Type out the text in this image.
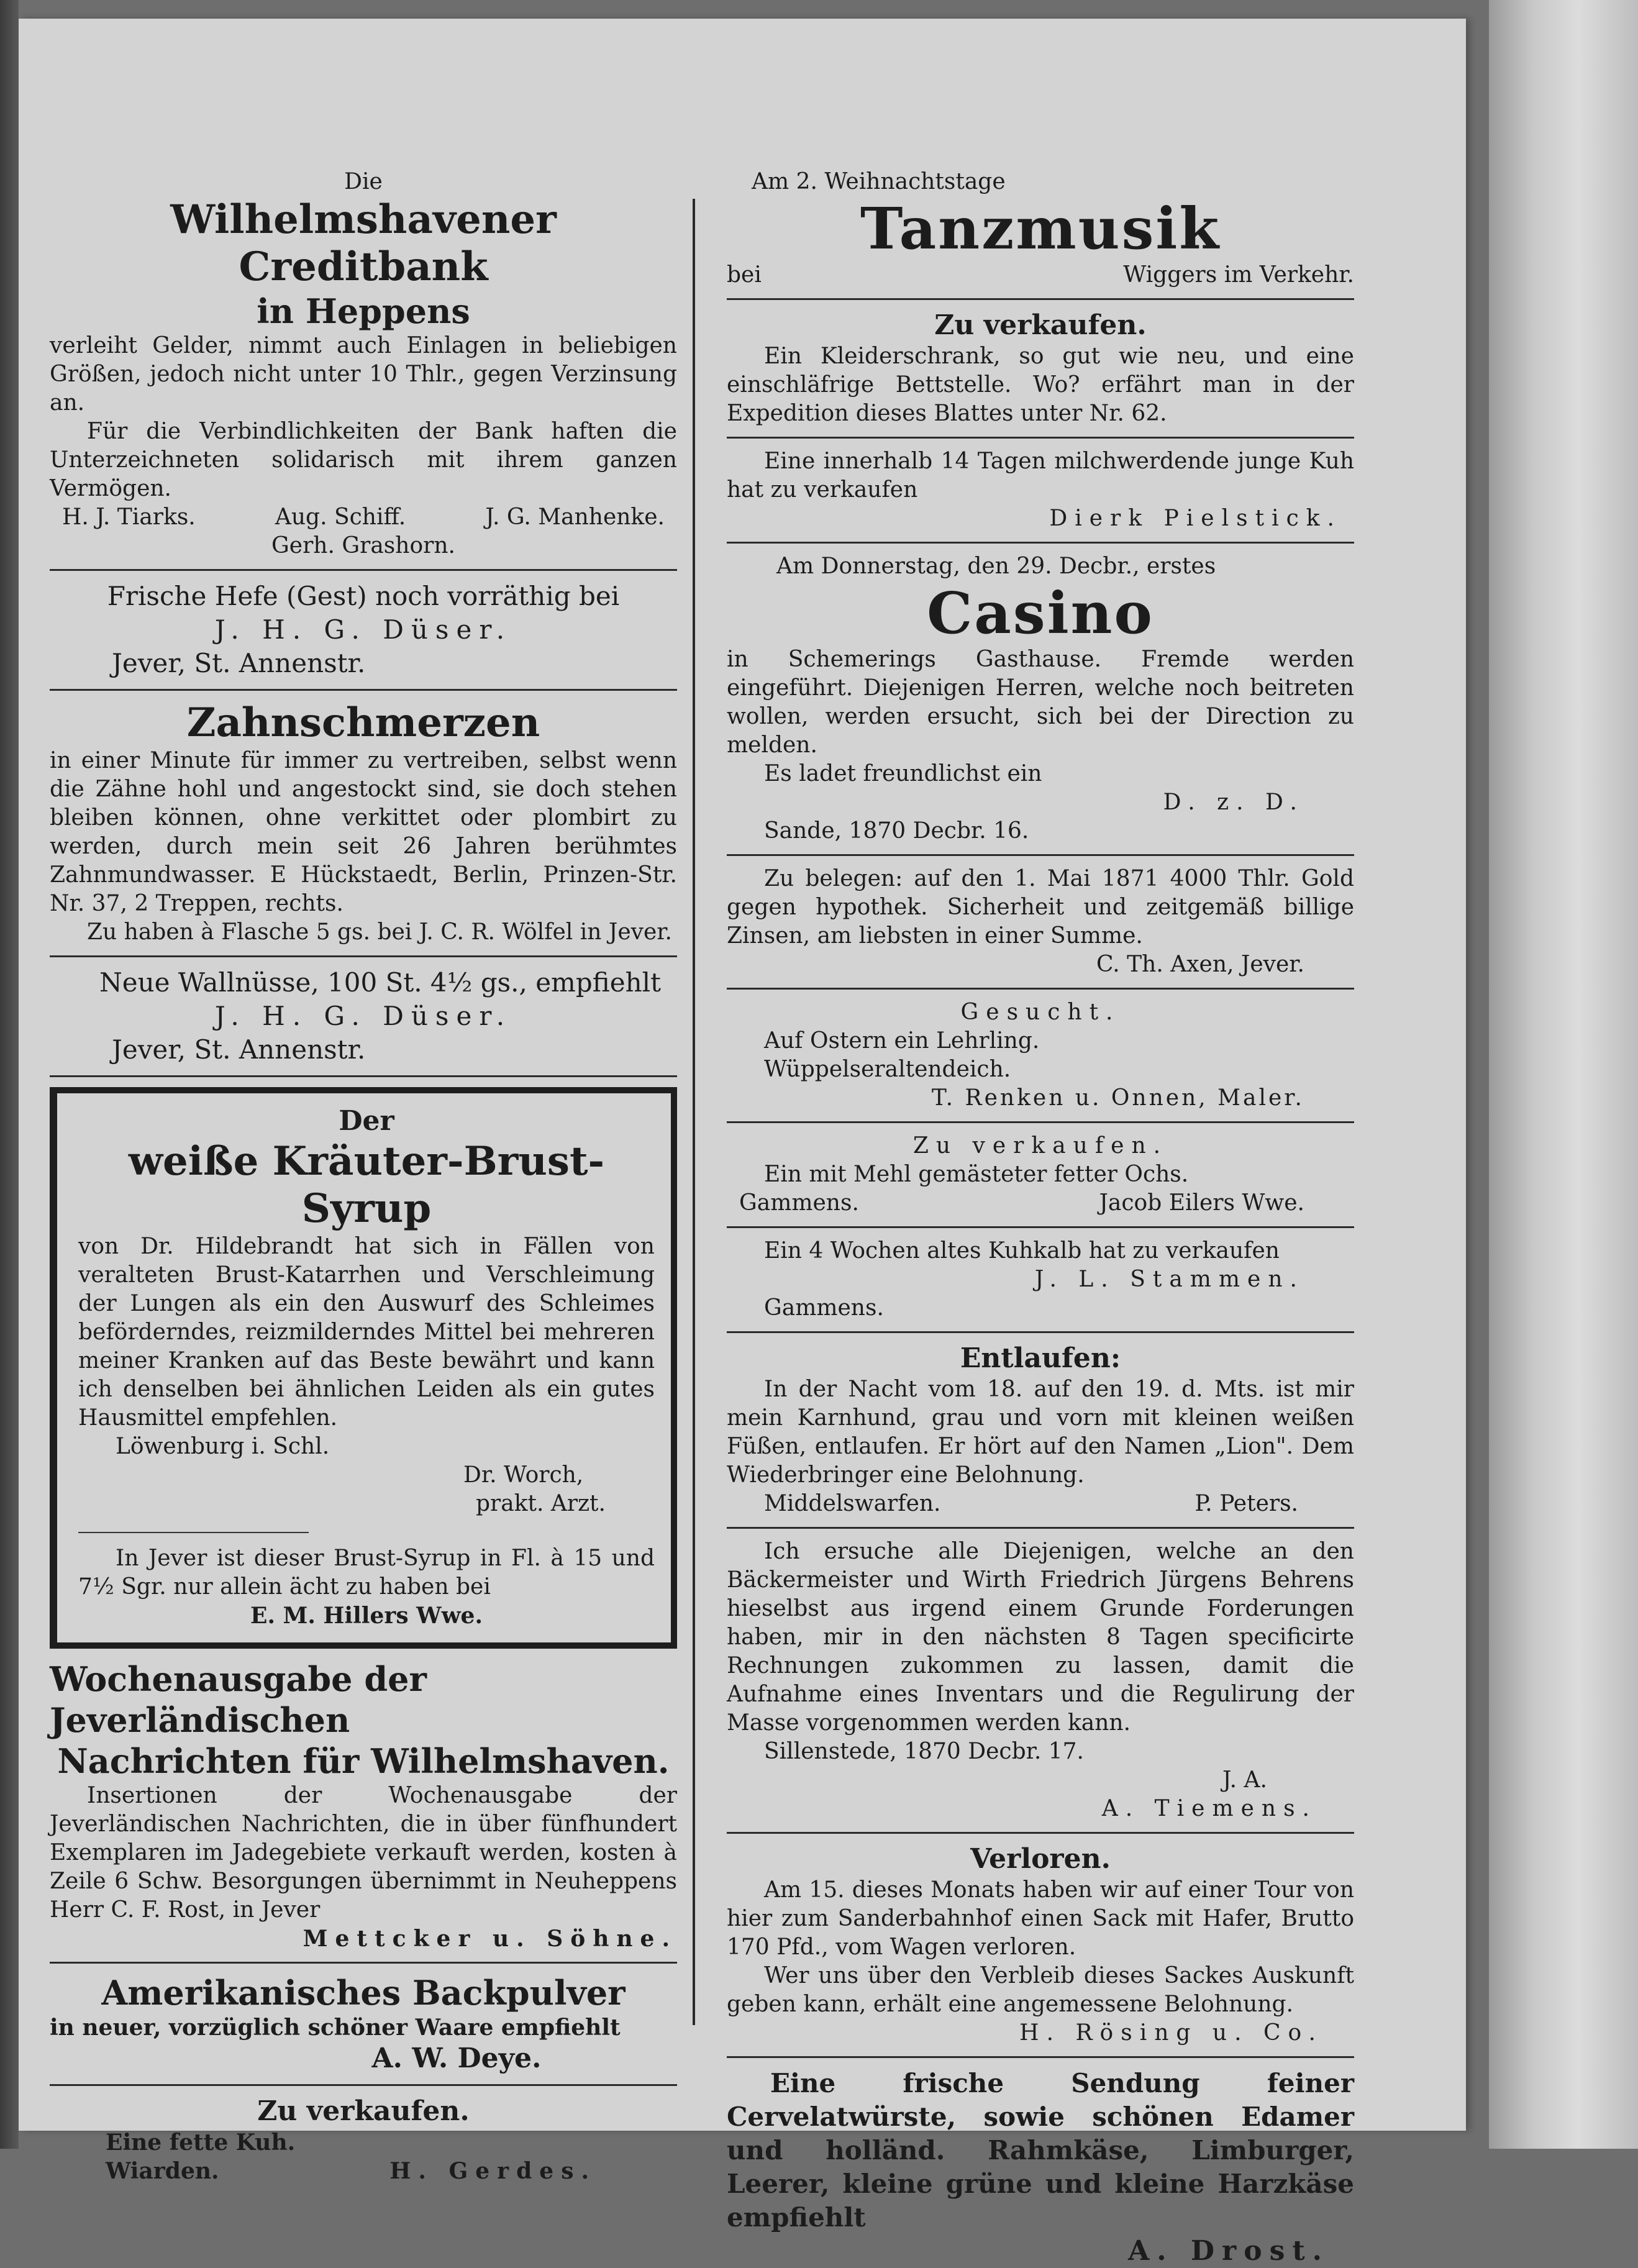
Die

Wilhelmshavener Creditbank

in Heppens

verleiht Gelder, nimmt auch Einlagen in beliebigen Größen, jedoch nicht unter 10 Thlr., gegen Verzinsung an.

Für die Verbindlichkeiten der Bank haften die Unterzeichneten solidarisch mit ihrem ganzen Vermögen.

H. J. Tiarks.	Aug. Schiff.	J. G. Manhenke.

Gerh. Grashorn.

Frische Hefe (Gest) noch vorräthig bei

J. H. G. Düser.

Jever, St. Annenstr.

Zahnschmerzen

in einer Minute für immer zu vertreiben, selbst wenn die Zähne hohl und angestockt sind, sie doch stehen bleiben können, ohne verkittet oder plombirt zu werden, durch mein seit 26 Jahren berühmtes Zahnmundwasser. E Hückstaedt, Berlin, Prinzen-Str. Nr. 37, 2 Treppen, rechts.

Zu haben à Flasche 5 gs. bei J. C. R. Wölfel in Jever.

Neue Wallnüsse, 100 St. 4½ gs., empfiehlt

J. H. G. Düser.

Jever, St. Annenstr.

Der

weiße Kräuter-Brust-

Syrup

von Dr. Hildebrandt hat sich in Fällen von veralteten Brust-Katarrhen und Verschleimung der Lungen als ein den Auswurf des Schleimes beförderndes, reizmilderndes Mittel bei mehreren meiner Kranken auf das Beste bewährt und kann ich denselben bei ähnlichen Leiden als ein gutes Hausmittel empfehlen.

Löwenburg i. Schl.

Dr. Worch,

prakt. Arzt.

In Jever ist dieser Brust-Syrup in Fl. à 15 und 7½ Sgr. nur allein ächt zu haben bei

E. M. Hillers Wwe.

Wochenausgabe der Jeverländischen

Nachrichten für Wilhelmshaven.

Insertionen der Wochenausgabe der Jeverländischen Nachrichten, die in über fünfhundert Exemplaren im Jadegebiete verkauft werden, kosten à Zeile 6 Schw. Besorgungen übernimmt in Neuheppens Herr C. F. Rost, in Jever

Mettcker u. Söhne.

Amerikanisches Backpulver

in neuer, vorzüglich schöner Waare empfiehlt

A. W. Deye.

Zu verkaufen.

Eine fette Kuh.

Wiarden.	H. Gerdes.

Am 2. Weihnachtstage

Tanzmusik

bei	Wiggers im Verkehr.

Zu verkaufen.

Ein Kleiderschrank, so gut wie neu, und eine einschläfrige Bettstelle. Wo? erfährt man in der Expedition dieses Blattes unter Nr. 62.

Eine innerhalb 14 Tagen milchwerdende junge Kuh hat zu verkaufen

Dierk Pielstick.

Am Donnerstag, den 29. Decbr., erstes

Casino

in Schemerings Gasthause. Fremde werden eingeführt. Diejenigen Herren, welche noch beitreten wollen, werden ersucht, sich bei der Direction zu melden.

Es ladet freundlichst ein

D. z. D.

Sande, 1870 Decbr. 16.

Zu belegen: auf den 1. Mai 1871 4000 Thlr. Gold gegen hypothek. Sicherheit und zeitgemäß billige Zinsen, am liebsten in einer Summe.

C. Th. Axen, Jever.

Gesucht.

Auf Ostern ein Lehrling.

Wüppelseraltendeich.

T. Renken u. Onnen, Maler.

Zu verkaufen.

Ein mit Mehl gemästeter fetter Ochs.

Gammens.	Jacob Eilers Wwe.

Ein 4 Wochen altes Kuhkalb hat zu verkaufen

J. L. Stammen.

Gammens.

Entlaufen:

In der Nacht vom 18. auf den 19. d. Mts. ist mir mein Karnhund, grau und vorn mit kleinen weißen Füßen, entlaufen. Er hört auf den Namen „Lion". Dem Wiederbringer eine Belohnung.

Middelswarfen.	P. Peters.

Ich ersuche alle Diejenigen, welche an den Bäckermeister und Wirth Friedrich Jürgens Behrens hieselbst aus irgend einem Grunde Forderungen haben, mir in den nächsten 8 Tagen specificirte Rechnungen zukommen zu lassen, damit die Aufnahme eines Inventars und die Regulirung der Masse vorgenommen werden kann.

Sillenstede, 1870 Decbr. 17.

J. A.

A. Tiemens.

Verloren.

Am 15. dieses Monats haben wir auf einer Tour von hier zum Sanderbahnhof einen Sack mit Hafer, Brutto 170 Pfd., vom Wagen verloren.

Wer uns über den Verbleib dieses Sackes Auskunft geben kann, erhält eine angemessene Belohnung.

H. Rösing u. Co.

Eine frische Sendung feiner Cervelatwürste, sowie schönen Edamer und holländ. Rahmkäse, Limburger, Leerer, kleine grüne und kleine Harzkäse empfiehlt

A. Drost.
